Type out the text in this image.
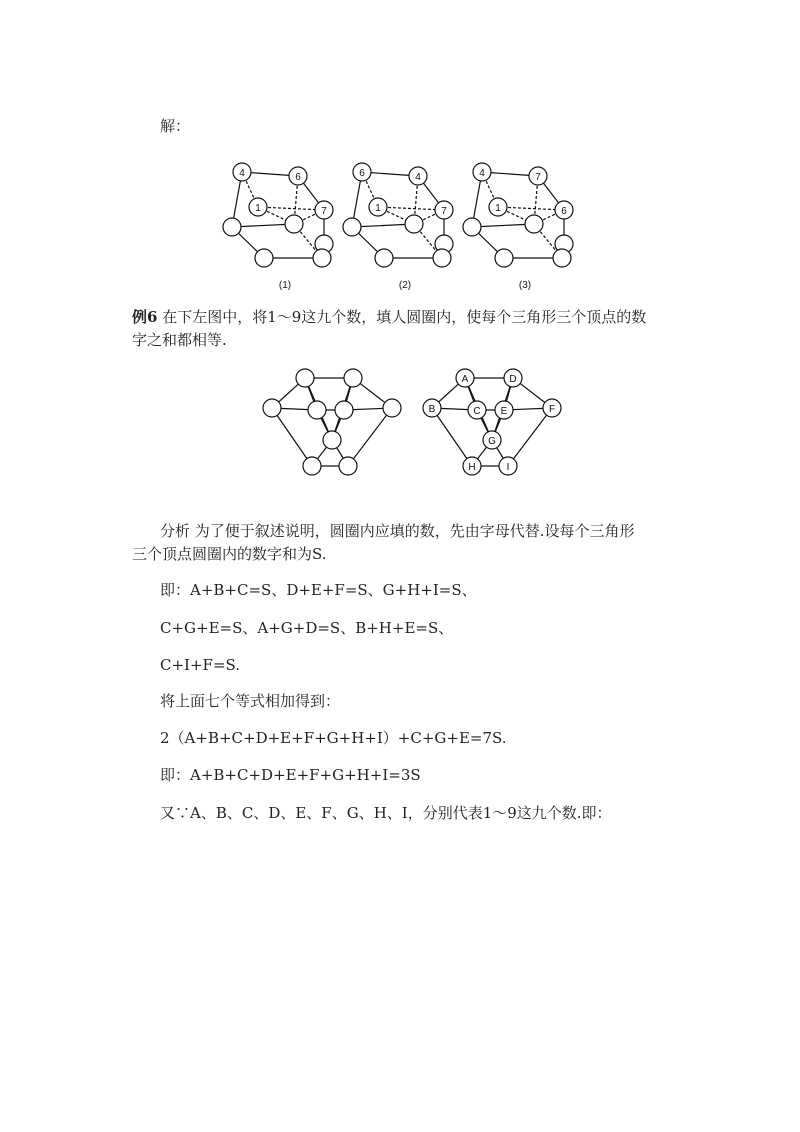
解：
4	6
1	7
(1)
6	4
1	7
(2)
4	7
1	6
(3)
例6 在下左图中，将1～9这九个数，填人圆圈内，使每个三角形三个顶点的数
字之和都相等.
A	D
B	C E	F
G
H	I
分析 为了便于叙述说明，圆圈内应填的数，先由字母代替.设每个三角形
三个顶点圆圈内的数字和为S.
即：A+B+C=S、D+E+F=S、G+H+I=S、
C+G+E=S、A+G+D=S、B+H+E=S、
C+I+F=S.
将上面七个等式相加得到：
2（A+B+C+D+E+F+G+H+I）+C+G+E=7S.
即：A+B+C+D+E+F+G+H+I=3S
又∵A、B、C、D、E、F、G、H、I，分别代表1～9这九个数.即：
